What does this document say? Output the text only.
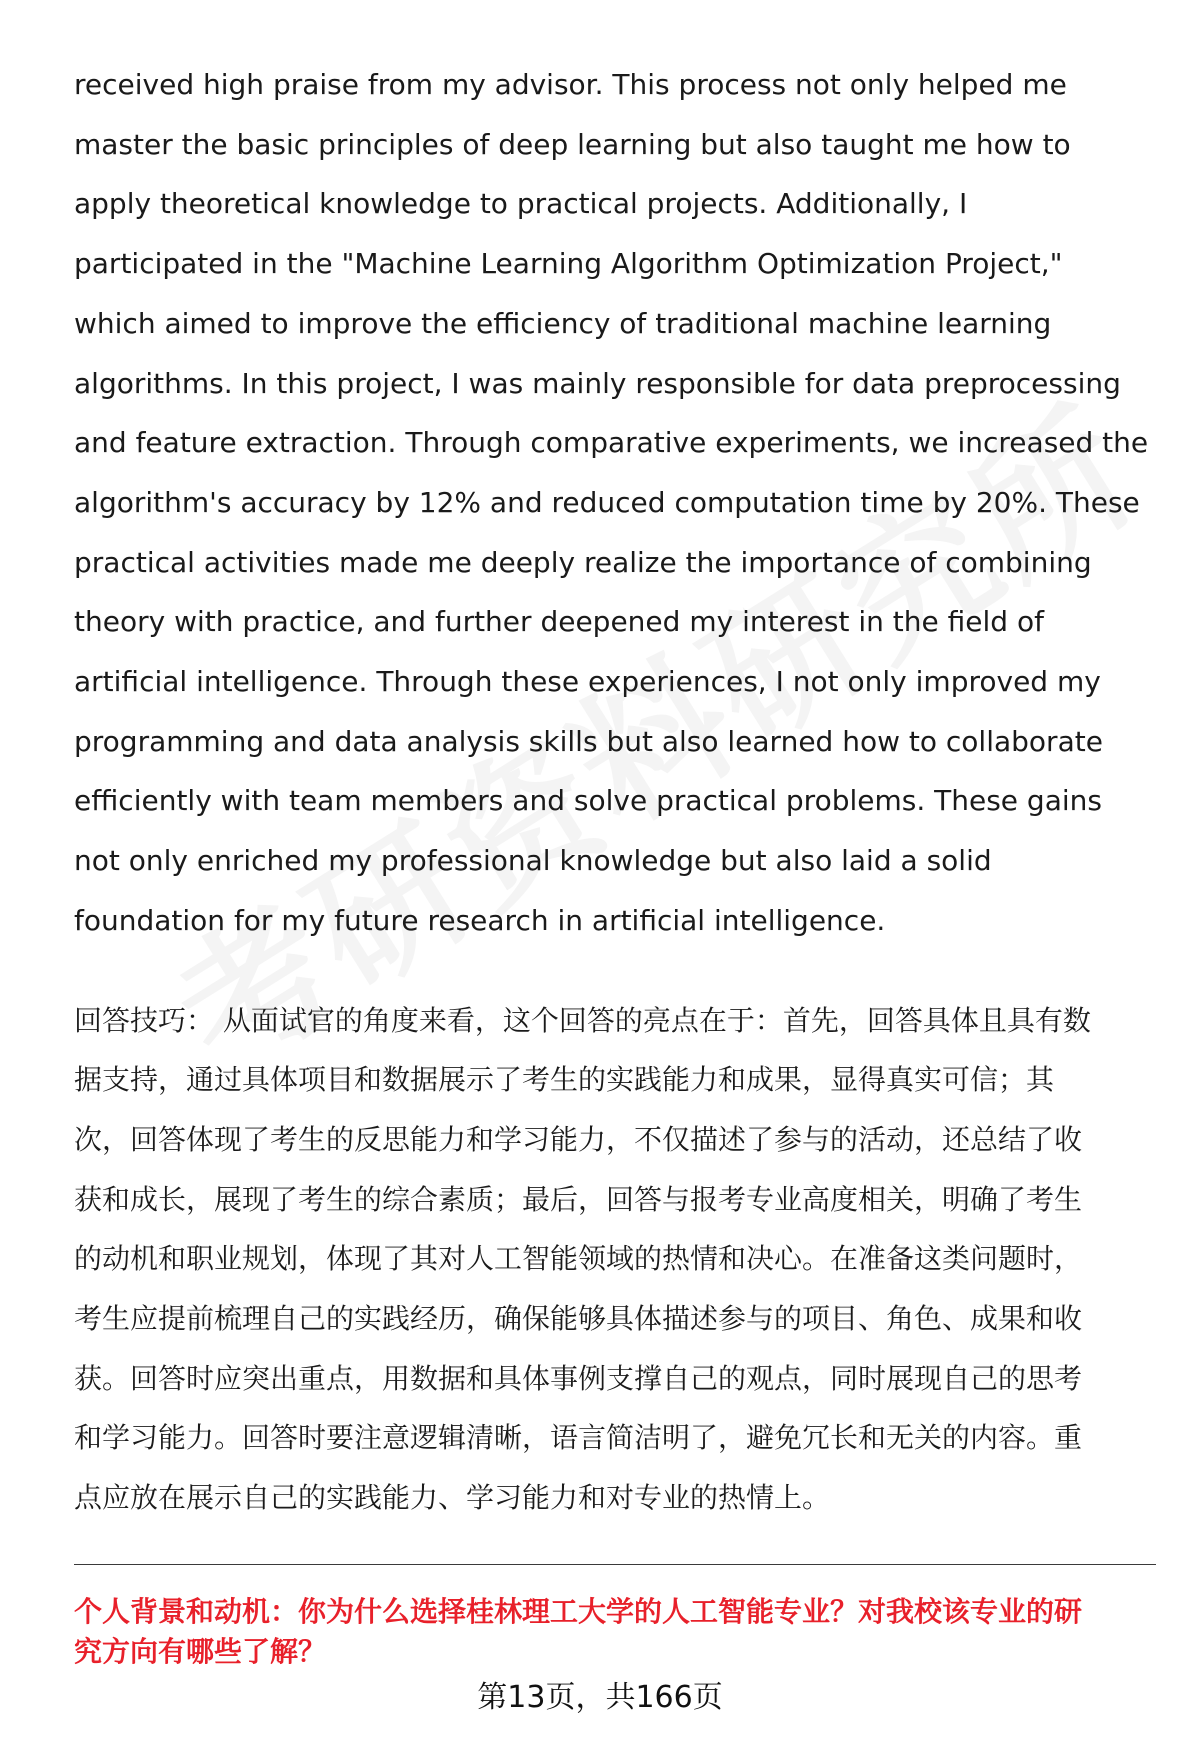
received high praise from my advisor. This process not only helped me
master the basic principles of deep learning but also taught me how to
apply theoretical knowledge to practical projects. Additionally, I
participated in the "Machine Learning Algorithm Optimization Project,"
which aimed to improve the efficiency of traditional machine learning
algorithms. In this project, I was mainly responsible for data preprocessing
and feature extraction. Through comparative experiments, we increased the
algorithm's accuracy by 12% and reduced computation time by 20%. These
practical activities made me deeply realize the importance of combining
theory with practice, and further deepened my interest in the field of
artificial intelligence. Through these experiences, I not only improved my
programming and data analysis skills but also learned how to collaborate
efficiently with team members and solve practical problems. These gains
not only enriched my professional knowledge but also laid a solid
foundation for my future research in artificial intelligence.

回答技巧： 从面试官的角度来看，这个回答的亮点在于：首先，回答具体且具有数
据支持，通过具体项目和数据展示了考生的实践能力和成果，显得真实可信；其
次，回答体现了考生的反思能力和学习能力，不仅描述了参与的活动，还总结了收
获和成长，展现了考生的综合素质；最后，回答与报考专业高度相关，明确了考生
的动机和职业规划，体现了其对人工智能领域的热情和决心。在准备这类问题时，
考生应提前梳理自己的实践经历，确保能够具体描述参与的项目、角色、成果和收
获。回答时应突出重点，用数据和具体事例支撑自己的观点，同时展现自己的思考
和学习能力。回答时要注意逻辑清晰，语言简洁明了，避免冗长和无关的内容。重
点应放在展示自己的实践能力、学习能力和对专业的热情上。

个人背景和动机：你为什么选择桂林理工大学的人工智能专业？对我校该专业的研
究方向有哪些了解？
第13页，共166页
